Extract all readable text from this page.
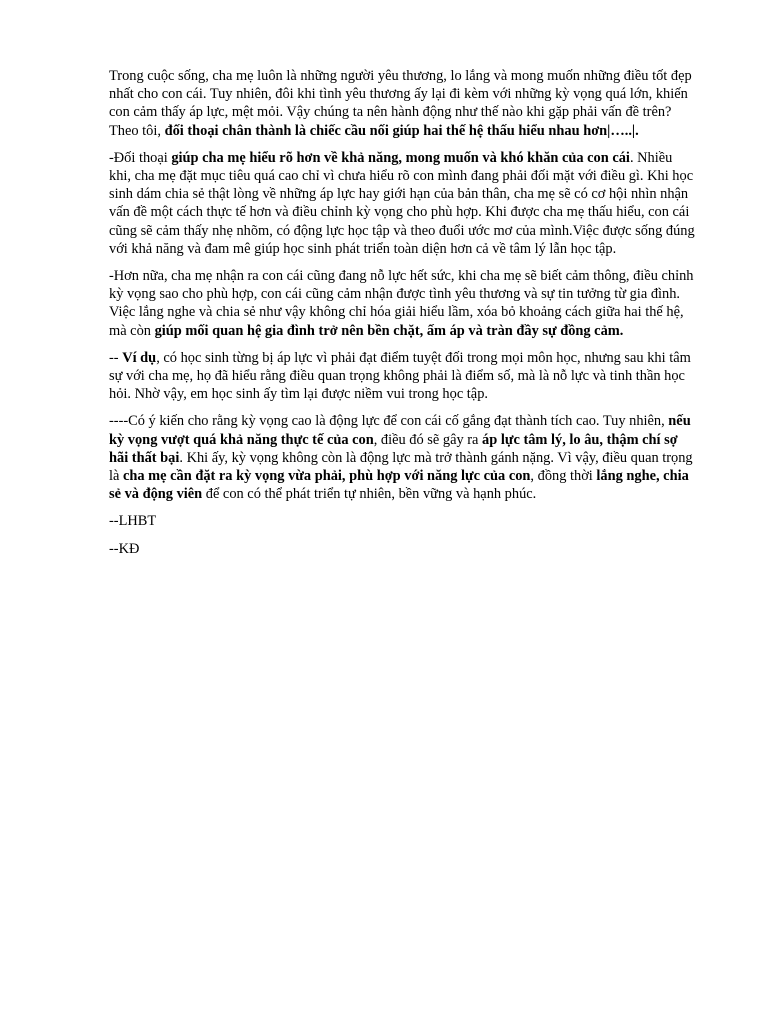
Trong cuộc sống, cha mẹ luôn là những người yêu thương, lo lắng và mong muốn những điều tốt đẹp nhất cho con cái. Tuy nhiên, đôi khi tình yêu thương ấy lại đi kèm với những kỳ vọng quá lớn, khiến con cảm thấy áp lực, mệt mỏi. Vậy chúng ta nên hành động như thế nào khi gặp phải vấn đề trên? Theo tôi, đối thoại chân thành là chiếc cầu nối giúp hai thế hệ thấu hiểu nhau hơn|…..|.

-Đối thoại giúp cha mẹ hiểu rõ hơn về khả năng, mong muốn và khó khăn của con cái. Nhiều khi, cha mẹ đặt mục tiêu quá cao chỉ vì chưa hiểu rõ con mình đang phải đối mặt với điều gì. Khi học sinh dám chia sẻ thật lòng về những áp lực hay giới hạn của bản thân, cha mẹ sẽ có cơ hội nhìn nhận vấn đề một cách thực tế hơn và điều chỉnh kỳ vọng cho phù hợp. Khi được cha mẹ thấu hiểu, con cái cũng sẽ cảm thấy nhẹ nhõm, có động lực học tập và theo đuổi ước mơ của mình.Việc được sống đúng với khả năng và đam mê giúp học sinh phát triển toàn diện hơn cả về tâm lý lẫn học tập.

-Hơn nữa, cha mẹ nhận ra con cái cũng đang nỗ lực hết sức, khi cha mẹ sẽ biết cảm thông, điều chỉnh kỳ vọng sao cho phù hợp, con cái cũng cảm nhận được tình yêu thương và sự tin tưởng từ gia đình. Việc lắng nghe và chia sẻ như vậy không chỉ hóa giải hiểu lầm, xóa bỏ khoảng cách giữa hai thế hệ, mà còn giúp mối quan hệ gia đình trở nên bền chặt, ấm áp và tràn đầy sự đồng cảm.

-- Ví dụ, có học sinh từng bị áp lực vì phải đạt điểm tuyệt đối trong mọi môn học, nhưng sau khi tâm sự với cha mẹ, họ đã hiểu rằng điều quan trọng không phải là điểm số, mà là nỗ lực và tinh thần học hỏi. Nhờ vậy, em học sinh ấy tìm lại được niềm vui trong học tập.

----Có ý kiến cho rằng kỳ vọng cao là động lực để con cái cố gắng đạt thành tích cao. Tuy nhiên, nếu kỳ vọng vượt quá khả năng thực tế của con, điều đó sẽ gây ra áp lực tâm lý, lo âu, thậm chí sợ hãi thất bại. Khi ấy, kỳ vọng không còn là động lực mà trở thành gánh nặng. Vì vậy, điều quan trọng là cha mẹ cần đặt ra kỳ vọng vừa phải, phù hợp với năng lực của con, đồng thời lắng nghe, chia sẻ và động viên để con có thể phát triển tự nhiên, bền vững và hạnh phúc.

--LHBT

--KĐ
